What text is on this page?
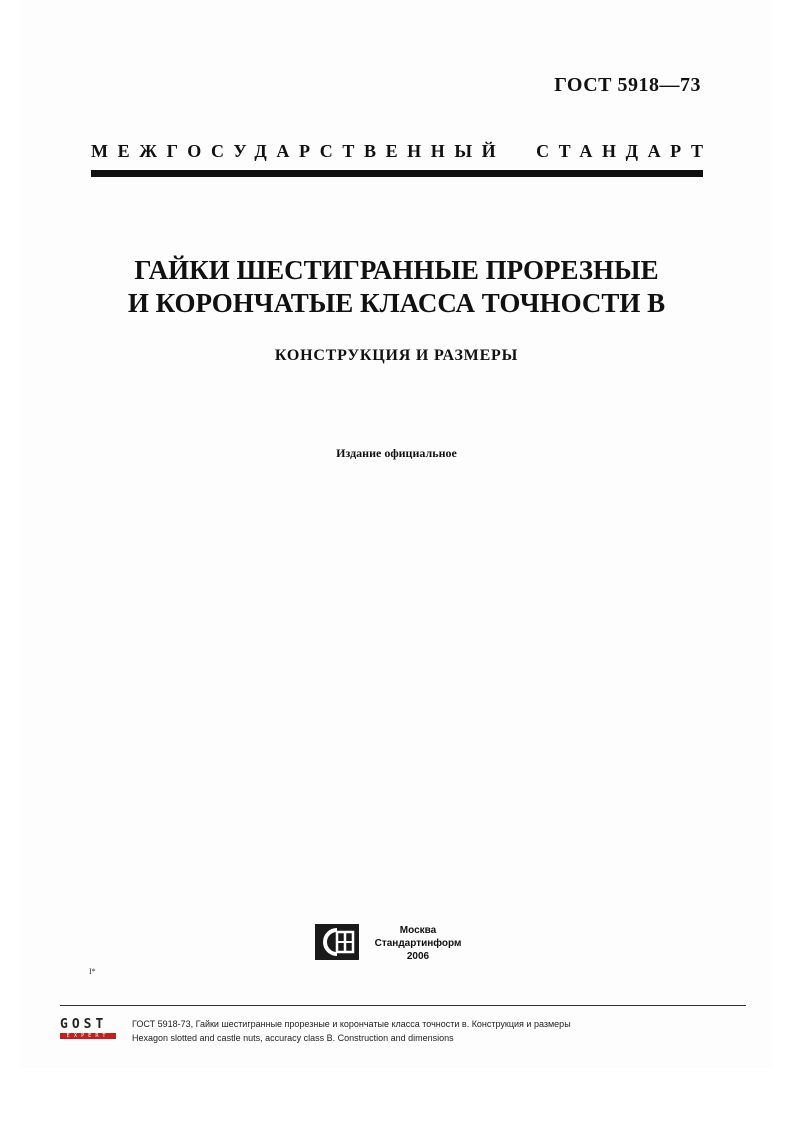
ГОСТ 5918—73
МЕЖГОСУДАРСТВЕННЫЙ СТАНДАРТ
ГАЙКИ ШЕСТИГРАННЫЕ ПРОРЕЗНЫЕ
И КОРОНЧАТЫЕ КЛАССА ТОЧНОСТИ В
КОНСТРУКЦИЯ И РАЗМЕРЫ
Издание официальное
Москва
Стандартинформ
2006
I*
GOST
EXPERT
ГОСТ 5918-73, Гайки шестигранные прорезные и корончатые класса точности в. Конструкция и размеры
Hexagon slotted and castle nuts, accuracy class B. Construction and dimensions
